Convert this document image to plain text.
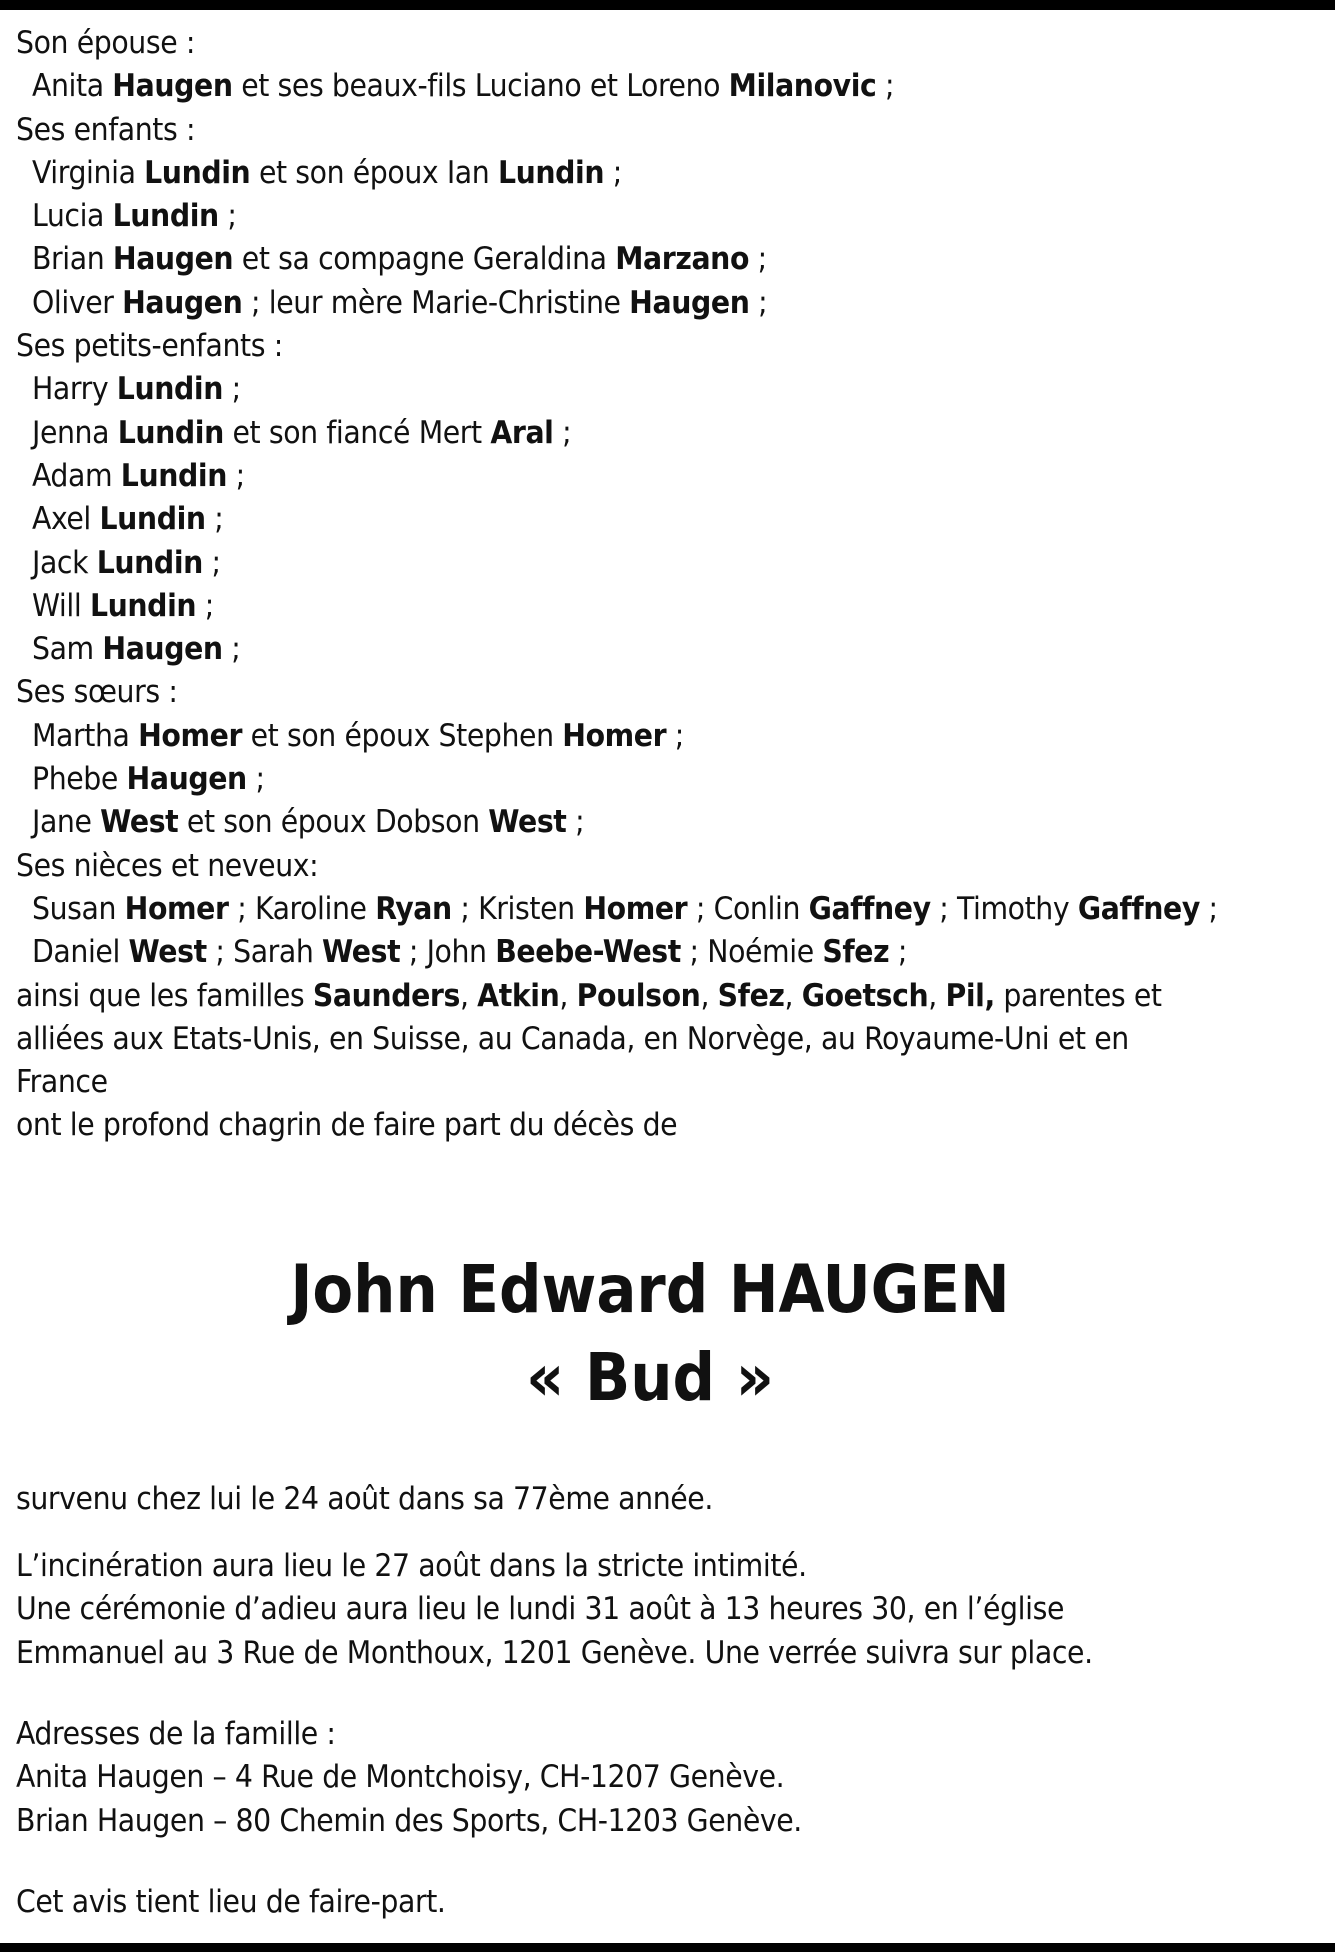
Son épouse :
Anita Haugen et ses beaux-fils Luciano et Loreno Milanovic ;
Ses enfants :
Virginia Lundin et son époux Ian Lundin ;
Lucia Lundin ;
Brian Haugen et sa compagne Geraldina Marzano ;
Oliver Haugen ; leur mère Marie-Christine Haugen ;
Ses petits-enfants :
Harry Lundin ;
Jenna Lundin et son fiancé Mert Aral ;
Adam Lundin ;
Axel Lundin ;
Jack Lundin ;
Will Lundin ;
Sam Haugen ;
Ses sœurs :
Martha Homer et son époux Stephen Homer ;
Phebe Haugen ;
Jane West et son époux Dobson West ;
Ses nièces et neveux:
Susan Homer ; Karoline Ryan ; Kristen Homer ; Conlin Gaffney ; Timothy Gaffney ;
Daniel West ; Sarah West ; John Beebe-West ; Noémie Sfez ;
ainsi que les familles Saunders, Atkin, Poulson, Sfez, Goetsch, Pil, parentes et
alliées aux Etats-Unis, en Suisse, au Canada, en Norvège, au Royaume-Uni et en
France
ont le profond chagrin de faire part du décès de
John Edward HAUGEN
« Bud »
survenu chez lui le 24 août dans sa 77ème année.
L’incinération aura lieu le 27 août dans la stricte intimité.
Une cérémonie d’adieu aura lieu le lundi 31 août à 13 heures 30, en l’église
Emmanuel au 3 Rue de Monthoux, 1201 Genève. Une verrée suivra sur place.
Adresses de la famille :
Anita Haugen – 4 Rue de Montchoisy, CH-1207 Genève.
Brian Haugen – 80 Chemin des Sports, CH-1203 Genève.
Cet avis tient lieu de faire-part.
